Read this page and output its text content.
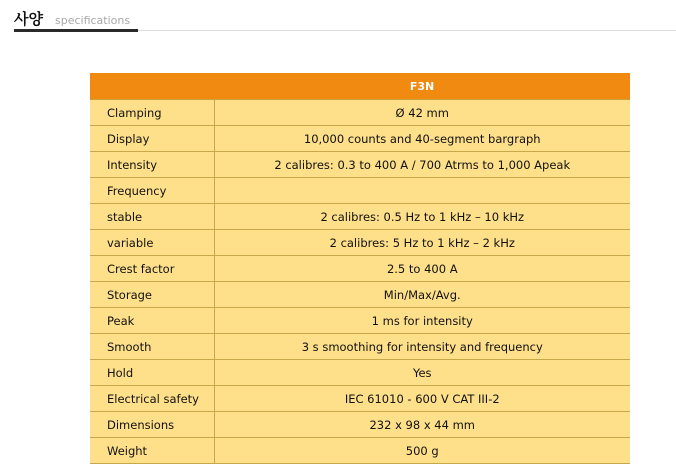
사양 specifications
	F3N
Clamping	Ø 42 mm
Display	10,000 counts and 40-segment bargraph
Intensity	2 calibres: 0.3 to 400 A / 700 Atrms to 1,000 Apeak
Frequency	
stable	2 calibres: 0.5 Hz to 1 kHz – 10 kHz
variable	2 calibres: 5 Hz to 1 kHz – 2 kHz
Crest factor	2.5 to 400 A
Storage	Min/Max/Avg.
Peak	1 ms for intensity
Smooth	3 s smoothing for intensity and frequency
Hold	Yes
Electrical safety	IEC 61010 - 600 V CAT III-2
Dimensions	232 x 98 x 44 mm
Weight	500 g
